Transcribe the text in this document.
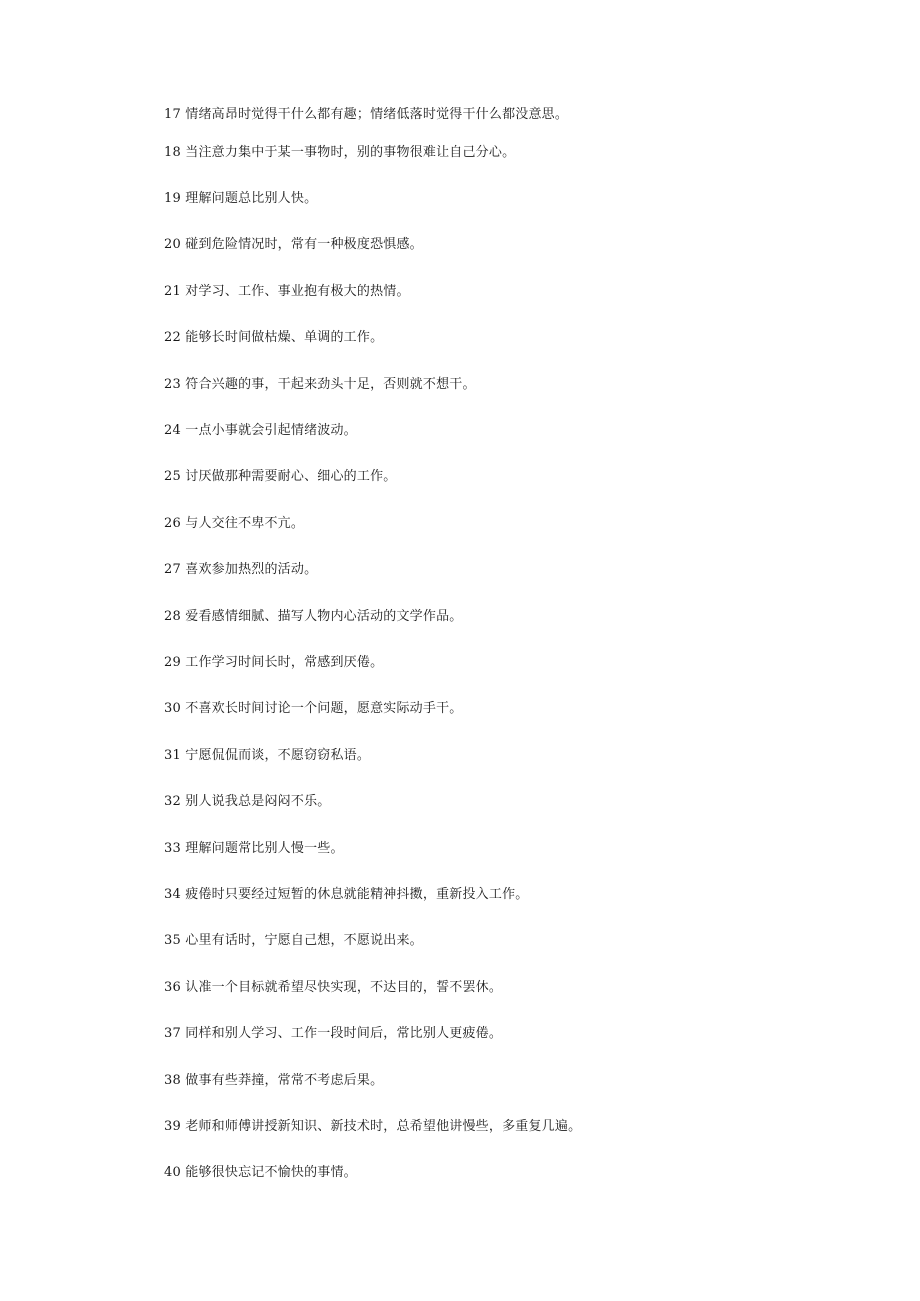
17 情绪高昂时觉得干什么都有趣；情绪低落时觉得干什么都没意思。
18 当注意力集中于某一事物时，别的事物很难让自己分心。
19 理解问题总比别人快。
20 碰到危险情况时，常有一种极度恐惧感。
21 对学习、工作、事业抱有极大的热情。
22 能够长时间做枯燥、单调的工作。
23 符合兴趣的事，干起来劲头十足，否则就不想干。
24 一点小事就会引起情绪波动。
25 讨厌做那种需要耐心、细心的工作。
26 与人交往不卑不亢。
27 喜欢参加热烈的活动。
28 爱看感情细腻、描写人物内心活动的文学作品。
29 工作学习时间长时，常感到厌倦。
30 不喜欢长时间讨论一个问题，愿意实际动手干。
31 宁愿侃侃而谈，不愿窃窃私语。
32 别人说我总是闷闷不乐。
33 理解问题常比别人慢一些。
34 疲倦时只要经过短暂的休息就能精神抖擞，重新投入工作。
35 心里有话时，宁愿自己想，不愿说出来。
36 认准一个目标就希望尽快实现，不达目的，誓不罢休。
37 同样和别人学习、工作一段时间后，常比别人更疲倦。
38 做事有些莽撞，常常不考虑后果。
39 老师和师傅讲授新知识、新技术时，总希望他讲慢些，多重复几遍。
40 能够很快忘记不愉快的事情。
